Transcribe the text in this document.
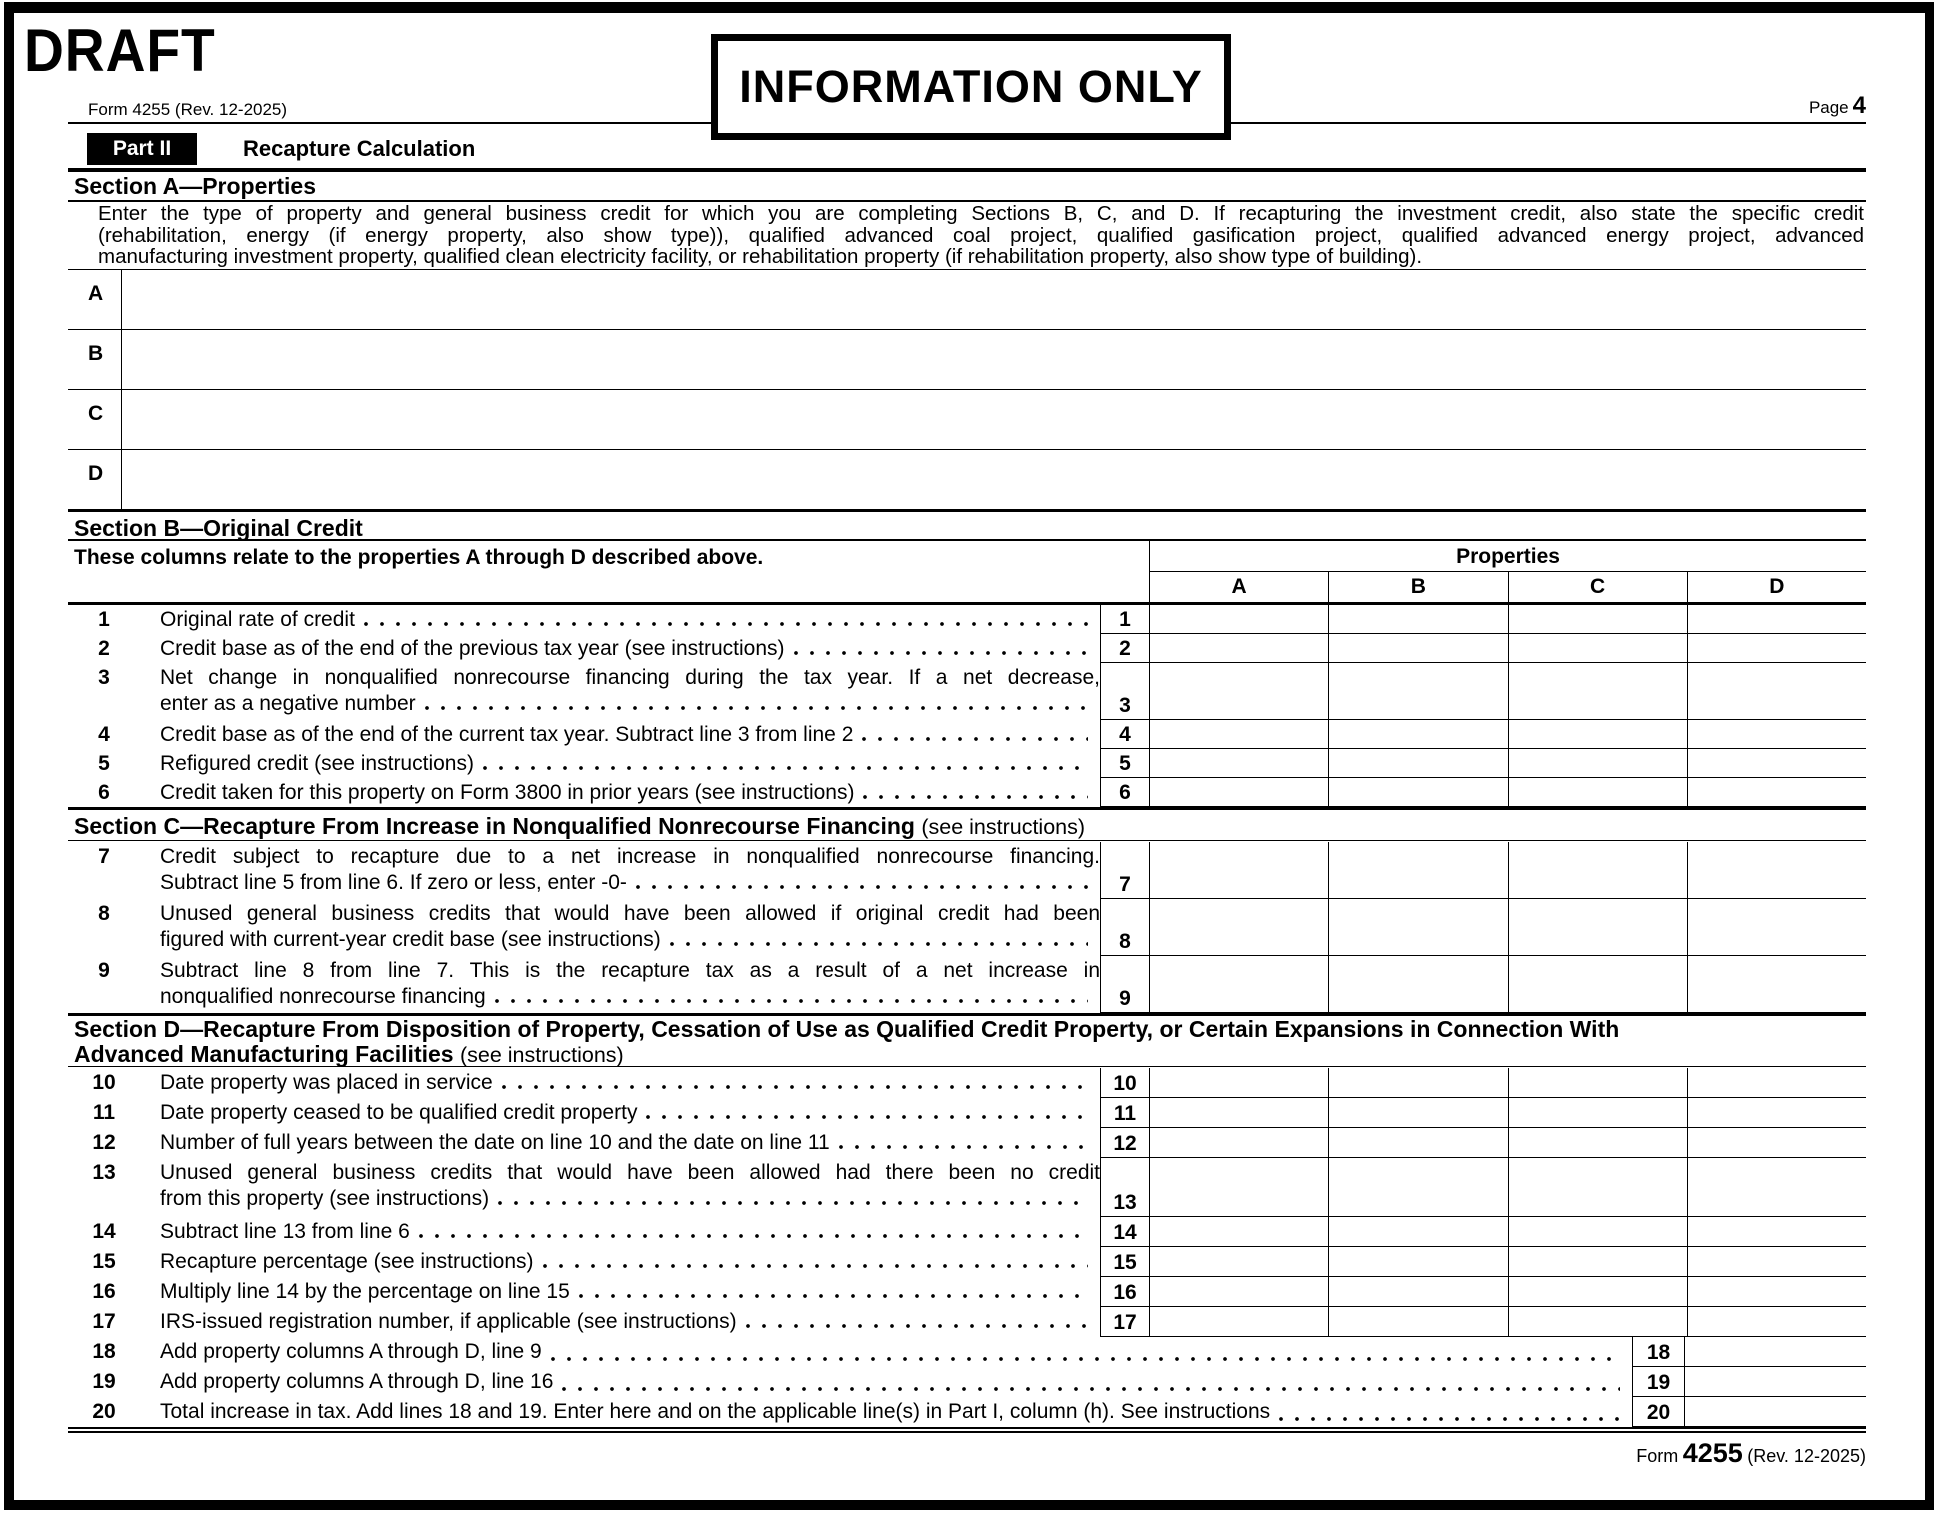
DRAFT
INFORMATION ONLY
Form 4255 (Rev. 12-2025)	Page 4
Part II	Recapture Calculation
Section A—Properties
Enter the type of property and general business credit for which you are completing Sections B, C, and D. If recapturing the investment credit, also state the specific credit
(rehabilitation, energy (if energy property, also show type)), qualified advanced coal project, qualified gasification project, qualified advanced energy project, advanced
manufacturing investment property, qualified clean electricity facility, or rehabilitation property (if rehabilitation property, also show type of building).
A
B
C
D
Section B—Original Credit
These columns relate to the properties A through D described above.	Properties
A	B	C	D
1	Original rate of credit	1
2	Credit base as of the end of the previous tax year (see instructions)	2
3	Net change in nonqualified nonrecourse financing during the tax year. If a net decrease,
enter as a negative number	3
4	Credit base as of the end of the current tax year. Subtract line 3 from line 2	4
5	Refigured credit (see instructions)	5
6	Credit taken for this property on Form 3800 in prior years (see instructions)	6
Section C—Recapture From Increase in Nonqualified Nonrecourse Financing (see instructions)
7	Credit subject to recapture due to a net increase in nonqualified nonrecourse financing.
Subtract line 5 from line 6. If zero or less, enter -0-	7
8	Unused general business credits that would have been allowed if original credit had been
figured with current-year credit base (see instructions)	8
9	Subtract line 8 from line 7. This is the recapture tax as a result of a net increase in
nonqualified nonrecourse financing	9
Section D—Recapture From Disposition of Property, Cessation of Use as Qualified Credit Property, or Certain Expansions in Connection With
Advanced Manufacturing Facilities (see instructions)
10	Date property was placed in service	10
11	Date property ceased to be qualified credit property	11
12	Number of full years between the date on line 10 and the date on line 11	12
13	Unused general business credits that would have been allowed had there been no credit
from this property (see instructions)	13
14	Subtract line 13 from line 6	14
15	Recapture percentage (see instructions)	15
16	Multiply line 14 by the percentage on line 15	16
17	IRS-issued registration number, if applicable (see instructions)	17
18	Add property columns A through D, line 9	18
19	Add property columns A through D, line 16	19
20	Total increase in tax. Add lines 18 and 19. Enter here and on the applicable line(s) in Part I, column (h). See instructions	20
Form 4255 (Rev. 12-2025)
